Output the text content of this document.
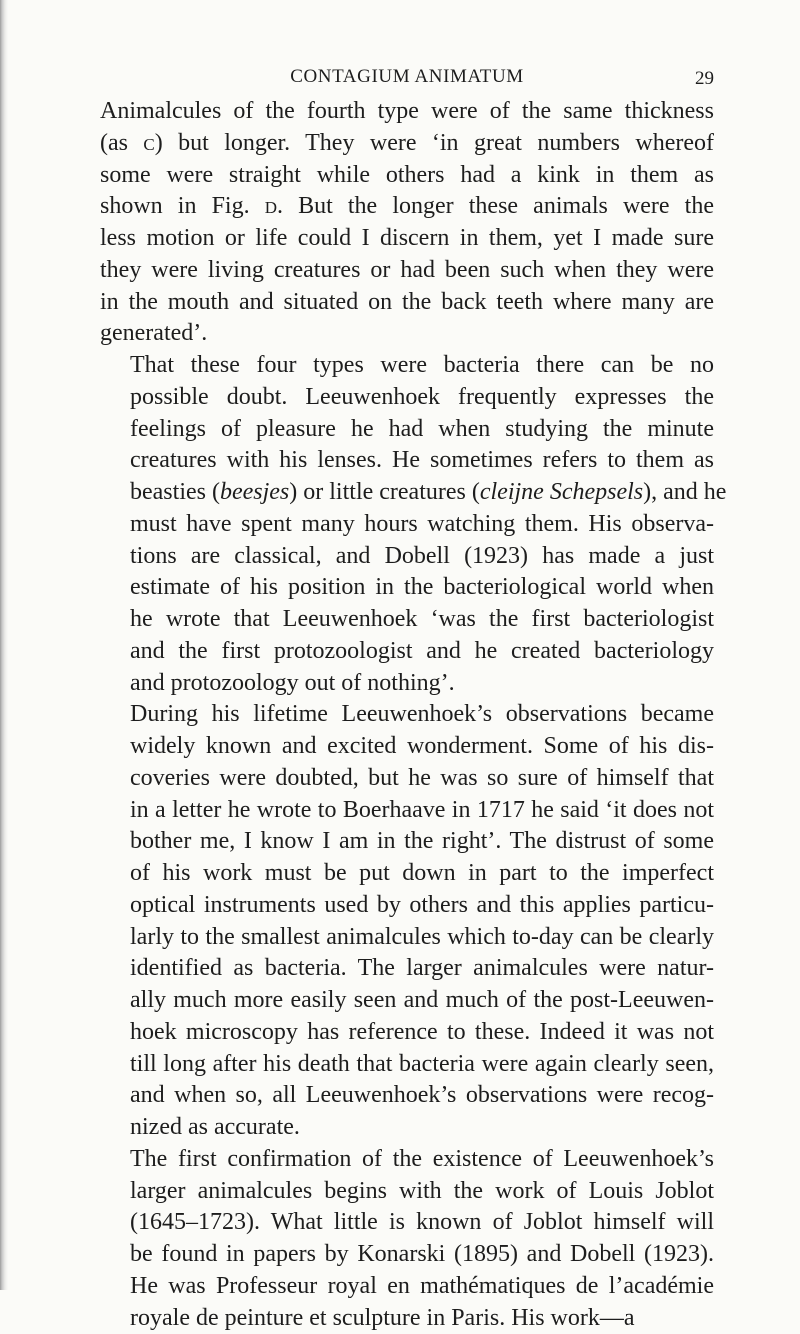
CONTAGIUM ANIMATUM	29

Animalcules of the fourth type were of the same thickness
(as c) but longer. They were ‘in great numbers whereof
some were straight while others had a kink in them as
shown in Fig. d. But the longer these animals were the
less motion or life could I discern in them, yet I made sure
they were living creatures or had been such when they were
in the mouth and situated on the back teeth where many are
generated’.

That these four types were bacteria there can be no
possible doubt. Leeuwenhoek frequently expresses the
feelings of pleasure he had when studying the minute
creatures with his lenses. He sometimes refers to them as
beasties (beesjes) or little creatures (cleijne Schepsels), and he
must have spent many hours watching them. His observa-
tions are classical, and Dobell (1923) has made a just
estimate of his position in the bacteriological world when
he wrote that Leeuwenhoek ‘was the first bacteriologist
and the first protozoologist and he created bacteriology
and protozoology out of nothing’.

During his lifetime Leeuwenhoek’s observations became
widely known and excited wonderment. Some of his dis-
coveries were doubted, but he was so sure of himself that
in a letter he wrote to Boerhaave in 1717 he said ‘it does not
bother me, I know I am in the right’. The distrust of some
of his work must be put down in part to the imperfect
optical instruments used by others and this applies particu-
larly to the smallest animalcules which to-day can be clearly
identified as bacteria. The larger animalcules were natur-
ally much more easily seen and much of the post-Leeuwen-
hoek microscopy has reference to these. Indeed it was not
till long after his death that bacteria were again clearly seen,
and when so, all Leeuwenhoek’s observations were recog-
nized as accurate.

The first confirmation of the existence of Leeuwenhoek’s
larger animalcules begins with the work of Louis Joblot
(1645–1723). What little is known of Joblot himself will
be found in papers by Konarski (1895) and Dobell (1923).
He was Professeur royal en mathématiques de l’académie
royale de peinture et sculpture in Paris. His work—a
